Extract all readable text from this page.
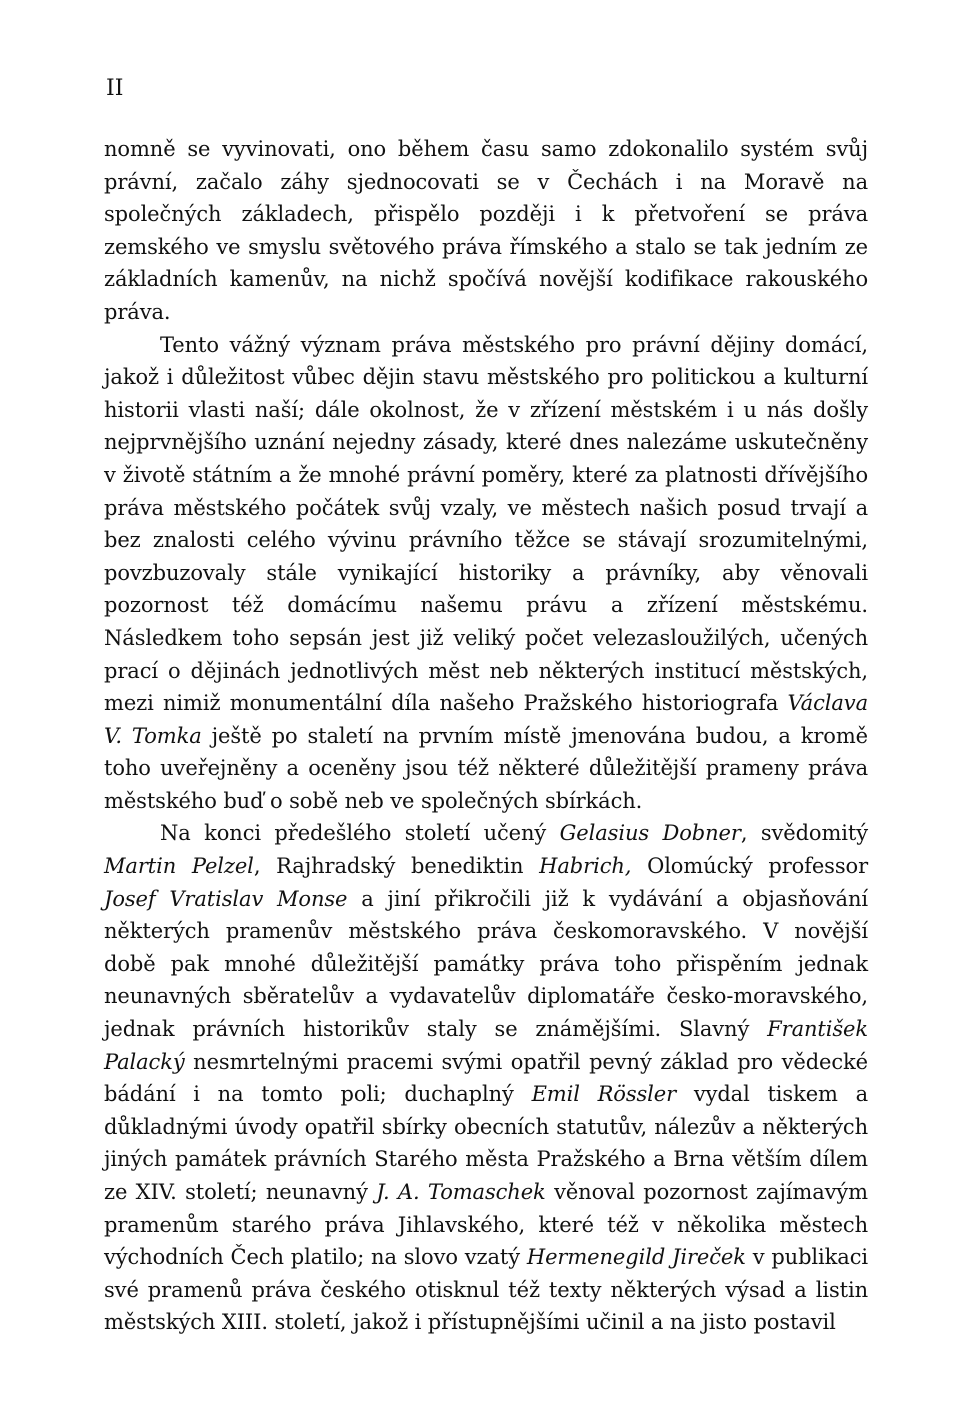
II

nomně se vyvinovati, ono během času samo zdokonalilo systém svůj právní, začalo záhy sjednocovati se v Čechách i na Moravě na společných základech, přispělo později i k přetvoření se práva zemského ve smyslu světového práva římského a stalo se tak jedním ze základních kamenův, na nichž spočívá novější kodifikace rakouského práva.

Tento vážný význam práva městského pro právní dějiny domácí, jakož i důležitost vůbec dějin stavu městského pro politickou a kulturní historii vlasti naší; dále okolnost, že v zřízení městském i u nás došly nejprvnějšího uznání nejedny zásady, které dnes nalezáme uskutečněny v životě státním a že mnohé právní poměry, které za platnosti dřívějšího práva městského počátek svůj vzaly, ve městech našich posud trvají a bez znalosti celého vývinu právního těžce se stávají srozumitelnými, povzbuzovaly stále vynikající historiky a právníky, aby věnovali pozornost též domácímu našemu právu a zřízení městskému. Následkem toho sepsán jest již veliký počet velezasloužilých, učených prací o dějinách jednotlivých měst neb některých institucí městských, mezi nimiž monumentální díla našeho Pražského historiografa Václava V. Tomka ještě po staletí na prvním místě jmenována budou, a kromě toho uveřejněny a oceněny jsou též některé důležitější prameny práva městského buď o sobě neb ve společných sbírkách.

Na konci předešlého století učený Gelasius Dobner, svědomitý Martin Pelzel, Rajhradský benediktin Habrich, Olomúcký professor Josef Vratislav Monse a jiní přikročili již k vydávání a objasňování některých pramenův městského práva českomoravského. V novější době pak mnohé důležitější památky práva toho přispěním jednak neunavných sběratelův a vydavatelův diplomatáře česko-moravského, jednak právních historikův staly se známějšími. Slavný František Palacký nesmrtelnými pracemi svými opatřil pevný základ pro vědecké bádání i na tomto poli; duchaplný Emil Rössler vydal tiskem a důkladnými úvody opatřil sbírky obecních statutův, nálezův a některých jiných památek právních Starého města Pražského a Brna větším dílem ze XIV. století; neunavný J. A. Tomaschek věnoval pozornost zajímavým pramenům starého práva Jihlavského, které též v několika městech východních Čech platilo; na slovo vzatý Hermenegild Jireček v publikaci své pramenů práva českého otisknul též texty některých výsad a listin městských XIII. století, jakož i přístupnějšími učinil a na jisto postavil
